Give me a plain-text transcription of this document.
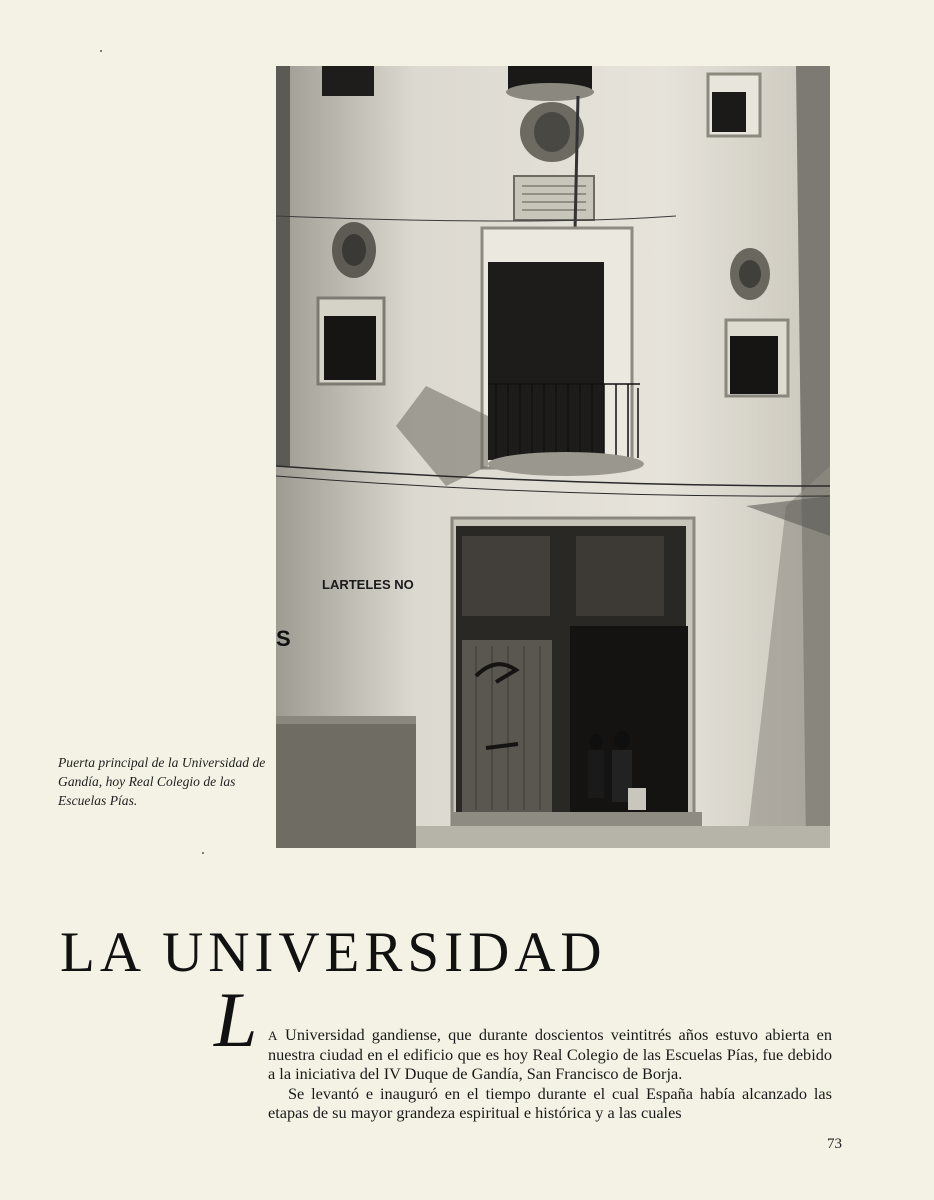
LARTELES NO
S
Puerta principal de la Universidad de Gandía, hoy Real Colegio de las Escuelas Pías.
LA UNIVERSIDAD
L A Universidad gandiense, que durante doscientos veintitrés años estuvo abierta en nuestra ciudad en el edificio que es hoy Real Colegio de las Escuelas Pías, fue debido a la iniciativa del IV Duque de Gandía, San Francisco de Borja.

Se levantó e inauguró en el tiempo durante el cual España había alcanzado las etapas de su mayor grandeza espiritual e histórica y a las cuales

73
